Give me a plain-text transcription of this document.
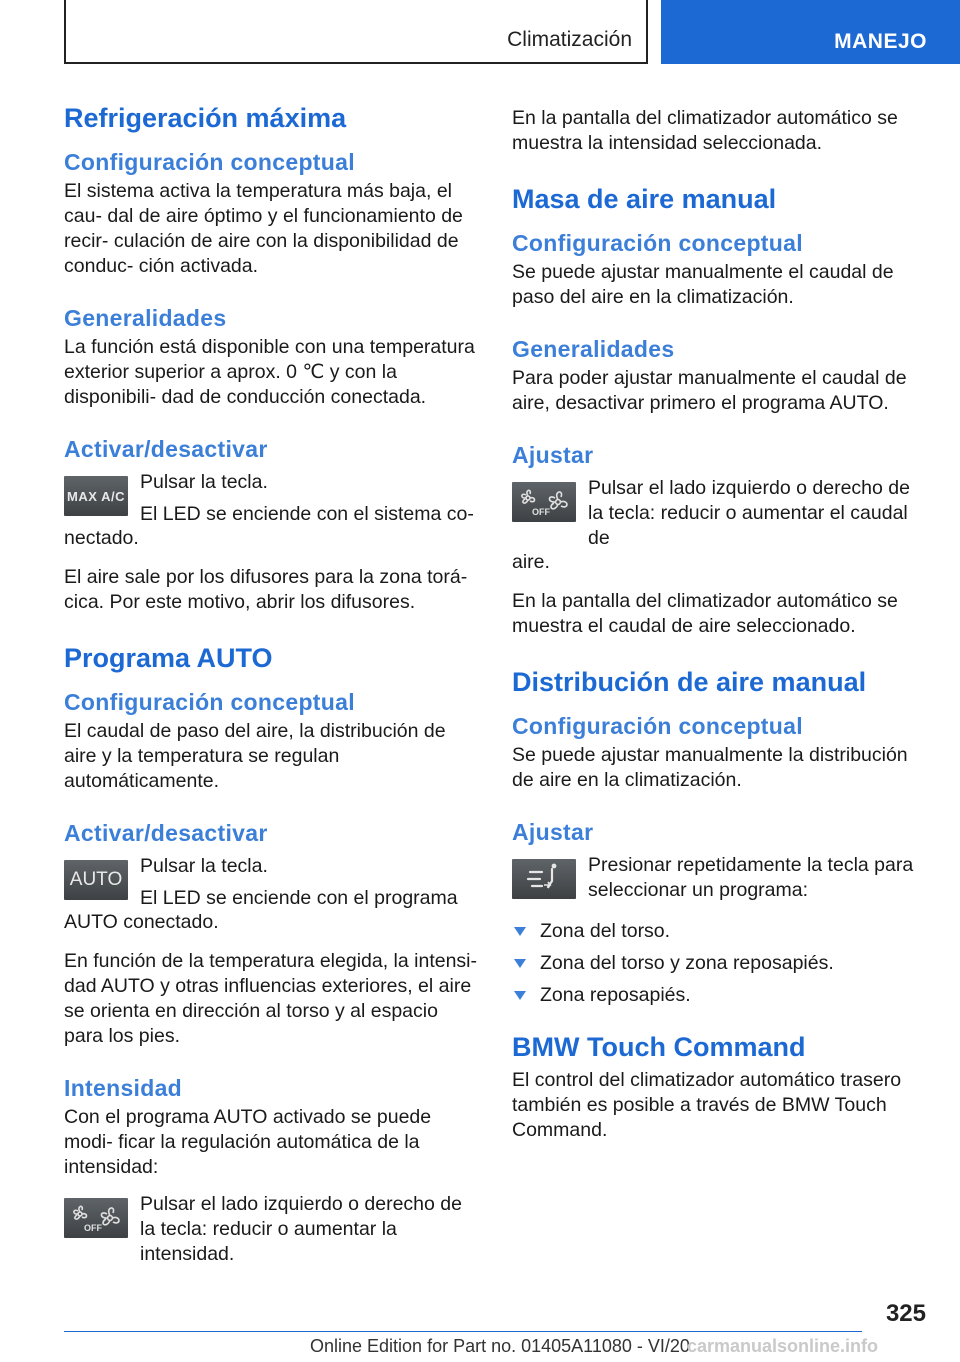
Climatización	MANEJO
Refrigeración máxima
Configuración conceptual

El sistema activa la temperatura más baja, el cau- dal de aire óptimo y el funcionamiento de recir- culación de aire con la disponibilidad de conduc- ción activada.

Generalidades

La función está disponible con una temperatura exterior superior a aprox. 0 ℃ y con la disponibili- dad de conducción conectada.

Activar/desactivar
MAX A/C

Pulsar la tecla.

El LED se enciende con el sistema co-

nectado.

El aire sale por los difusores para la zona torá- cica. Por este motivo, abrir los difusores.

Programa AUTO
Configuración conceptual

El caudal de paso del aire, la distribución de aire y la temperatura se regulan automáticamente.

Activar/desactivar
AUTO

Pulsar la tecla.

El LED se enciende con el programa

AUTO conectado.

En función de la temperatura elegida, la intensi- dad AUTO y otras influencias exteriores, el aire se orienta en dirección al torso y al espacio para los pies.

Intensidad

Con el programa AUTO activado se puede modi- ficar la regulación automática de la intensidad:

OFF

Pulsar el lado izquierdo o derecho de la tecla: reducir o aumentar la intensidad.

En la pantalla del climatizador automático se muestra la intensidad seleccionada.

Masa de aire manual
Configuración conceptual

Se puede ajustar manualmente el caudal de paso del aire en la climatización.

Generalidades

Para poder ajustar manualmente el caudal de aire, desactivar primero el programa AUTO.

Ajustar
OFF

Pulsar el lado izquierdo o derecho de la tecla: reducir o aumentar el caudal de

aire.

En la pantalla del climatizador automático se muestra el caudal de aire seleccionado.

Distribución de aire manual
Configuración conceptual

Se puede ajustar manualmente la distribución de aire en la climatización.

Ajustar

Presionar repetidamente la tecla para seleccionar un programa:

Zona del torso.
Zona del torso y zona reposapiés.
Zona reposapiés.
BMW Touch Command

El control del climatizador automático trasero también es posible a través de BMW Touch Command.

325
Online Edition for Part no. 01405A11080 - VI/20
carmanualsonline.info
